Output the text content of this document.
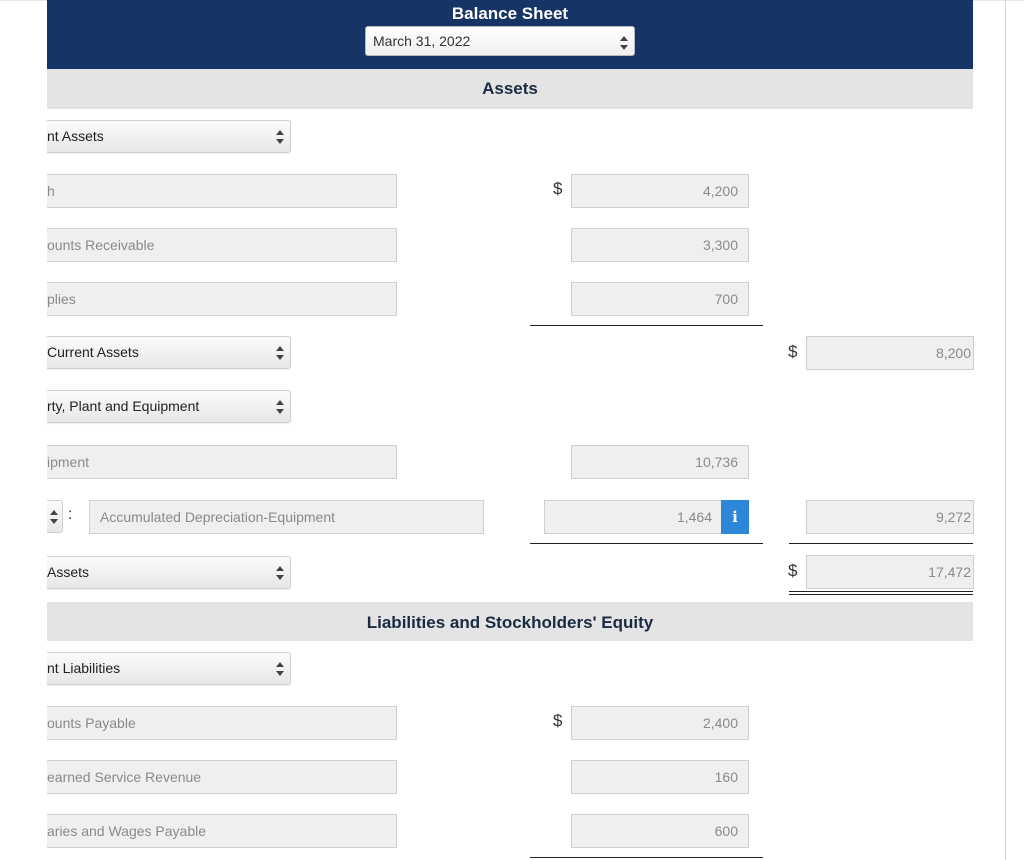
Balance Sheet
March 31, 2022
Assets
nt Assets
h	$	4,200
ounts Receivable	3,300
plies	700
Current Assets	$	8,200
rty, Plant and Equipment
ipment	10,736
:	Accumulated Depreciation-Equipment	1,464	i	9,272
Assets	$	17,472
Liabilities and Stockholders' Equity
nt Liabilities
ounts Payable	$	2,400
earned Service Revenue	160
aries and Wages Payable	600
